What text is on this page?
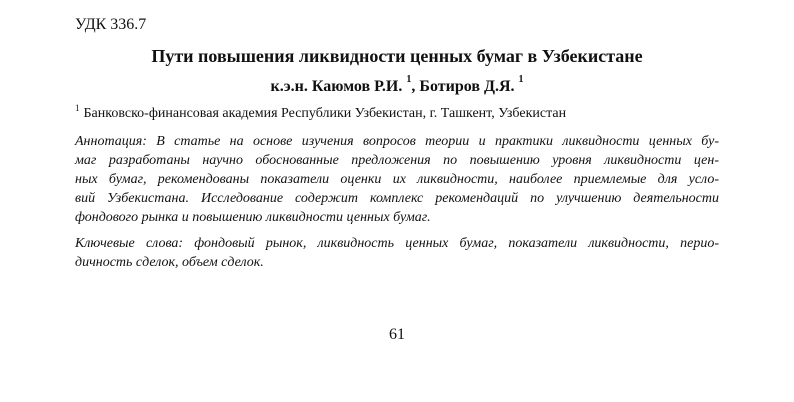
УДК 336.7
Пути повышения ликвидности ценных бумаг в Узбекистане
к.э.н. Каюмов Р.И. $^1$, Ботиров Д.Я. $^1$
$^1$ Банковско-финансовая академия Республики Узбекистан, г. Ташкент, Узбекистан
Аннотация: В статье на основе изучения вопросов теории и практики ликвидности ценных бу-
маг разработаны научно обоснованные предложения по повышению уровня ликвидности цен-
ных бумаг, рекомендованы показатели оценки их ликвидности, наиболее приемлемые для усло-
вий Узбекистана. Исследование содержит комплекс рекомендаций по улучшению деятельности
фондового рынка и повышению ликвидности ценных бумаг.
Ключевые слова: фондовый рынок, ликвидность ценных бумаг, показатели ликвидности, перио-
дичность сделок, объем сделок.
61
